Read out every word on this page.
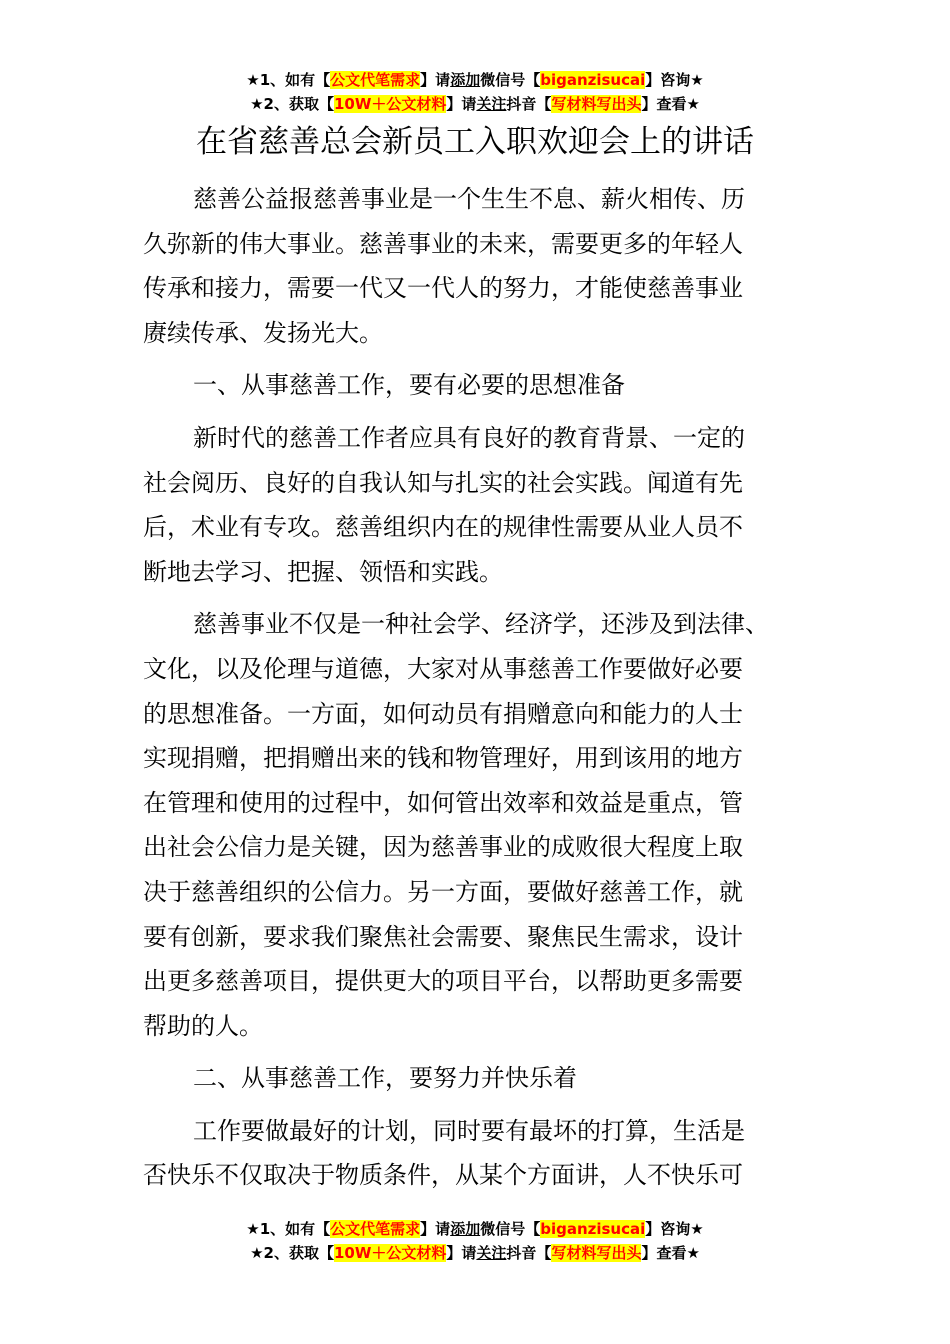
★1、如有【公文代笔需求】请添加微信号【biganzisucai】咨询★
★2、获取【10W＋公文材料】请关注抖音【写材料写出头】查看★
在省慈善总会新员工入职欢迎会上的讲话
慈善公益报慈善事业是一个生生不息、薪火相传、历
久弥新的伟大事业。慈善事业的未来，需要更多的年轻人
传承和接力，需要一代又一代人的努力，才能使慈善事业
赓续传承、发扬光大。
一、从事慈善工作，要有必要的思想准备
新时代的慈善工作者应具有良好的教育背景、一定的
社会阅历、良好的自我认知与扎实的社会实践。闻道有先
后，术业有专攻。慈善组织内在的规律性需要从业人员不
断地去学习、把握、领悟和实践。
慈善事业不仅是一种社会学、经济学，还涉及到法律、
文化，以及伦理与道德，大家对从事慈善工作要做好必要
的思想准备。一方面，如何动员有捐赠意向和能力的人士
实现捐赠，把捐赠出来的钱和物管理好，用到该用的地方
在管理和使用的过程中，如何管出效率和效益是重点，管
出社会公信力是关键，因为慈善事业的成败很大程度上取
决于慈善组织的公信力。另一方面，要做好慈善工作，就
要有创新，要求我们聚焦社会需要、聚焦民生需求，设计
出更多慈善项目，提供更大的项目平台，以帮助更多需要
帮助的人。
二、从事慈善工作，要努力并快乐着
工作要做最好的计划，同时要有最坏的打算，生活是
否快乐不仅取决于物质条件，从某个方面讲，人不快乐可
★1、如有【公文代笔需求】请添加微信号【biganzisucai】咨询★
★2、获取【10W＋公文材料】请关注抖音【写材料写出头】查看★
